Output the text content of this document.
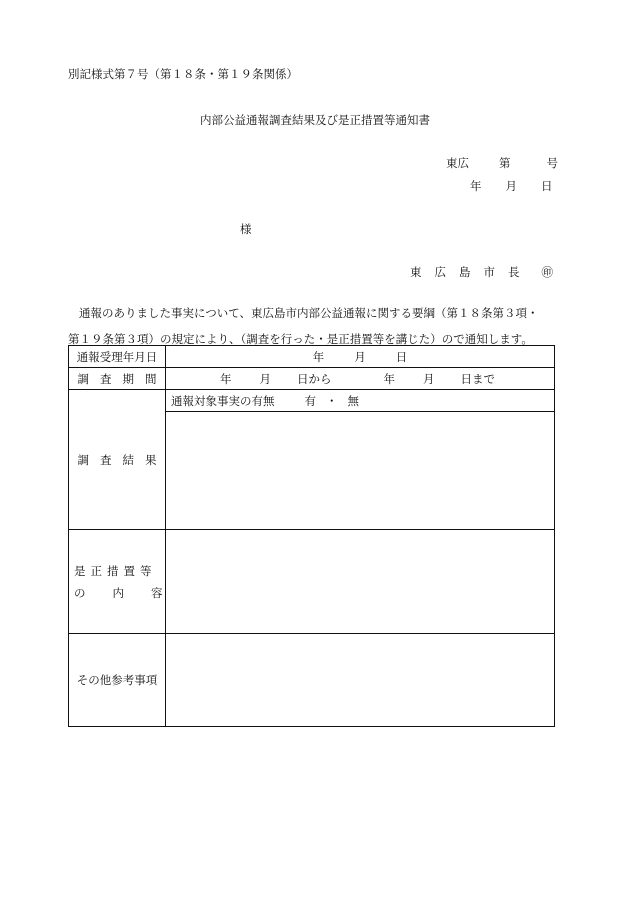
別記様式第７号（第１８条・第１９条関係）
内部公益通報調査結果及び是正措置等通知書
東広	第	号
年 月 日
様
東 広 島 市 長 ㊞
通報のありました事実について、東広島市内部公益通報に関する要綱（第１８条第３項・
第１９条第３項）の規定により、（調査を行った・是正措置等を講じた）ので通知します。
通報受理年月日	年 月 日
調 査 期 間	年 月 日から 年 月 日まで
調 査 結 果	通報対象事実の有無 有 ・ 無

是 正 措 置 等
の 内 容	

その他参考事項	
